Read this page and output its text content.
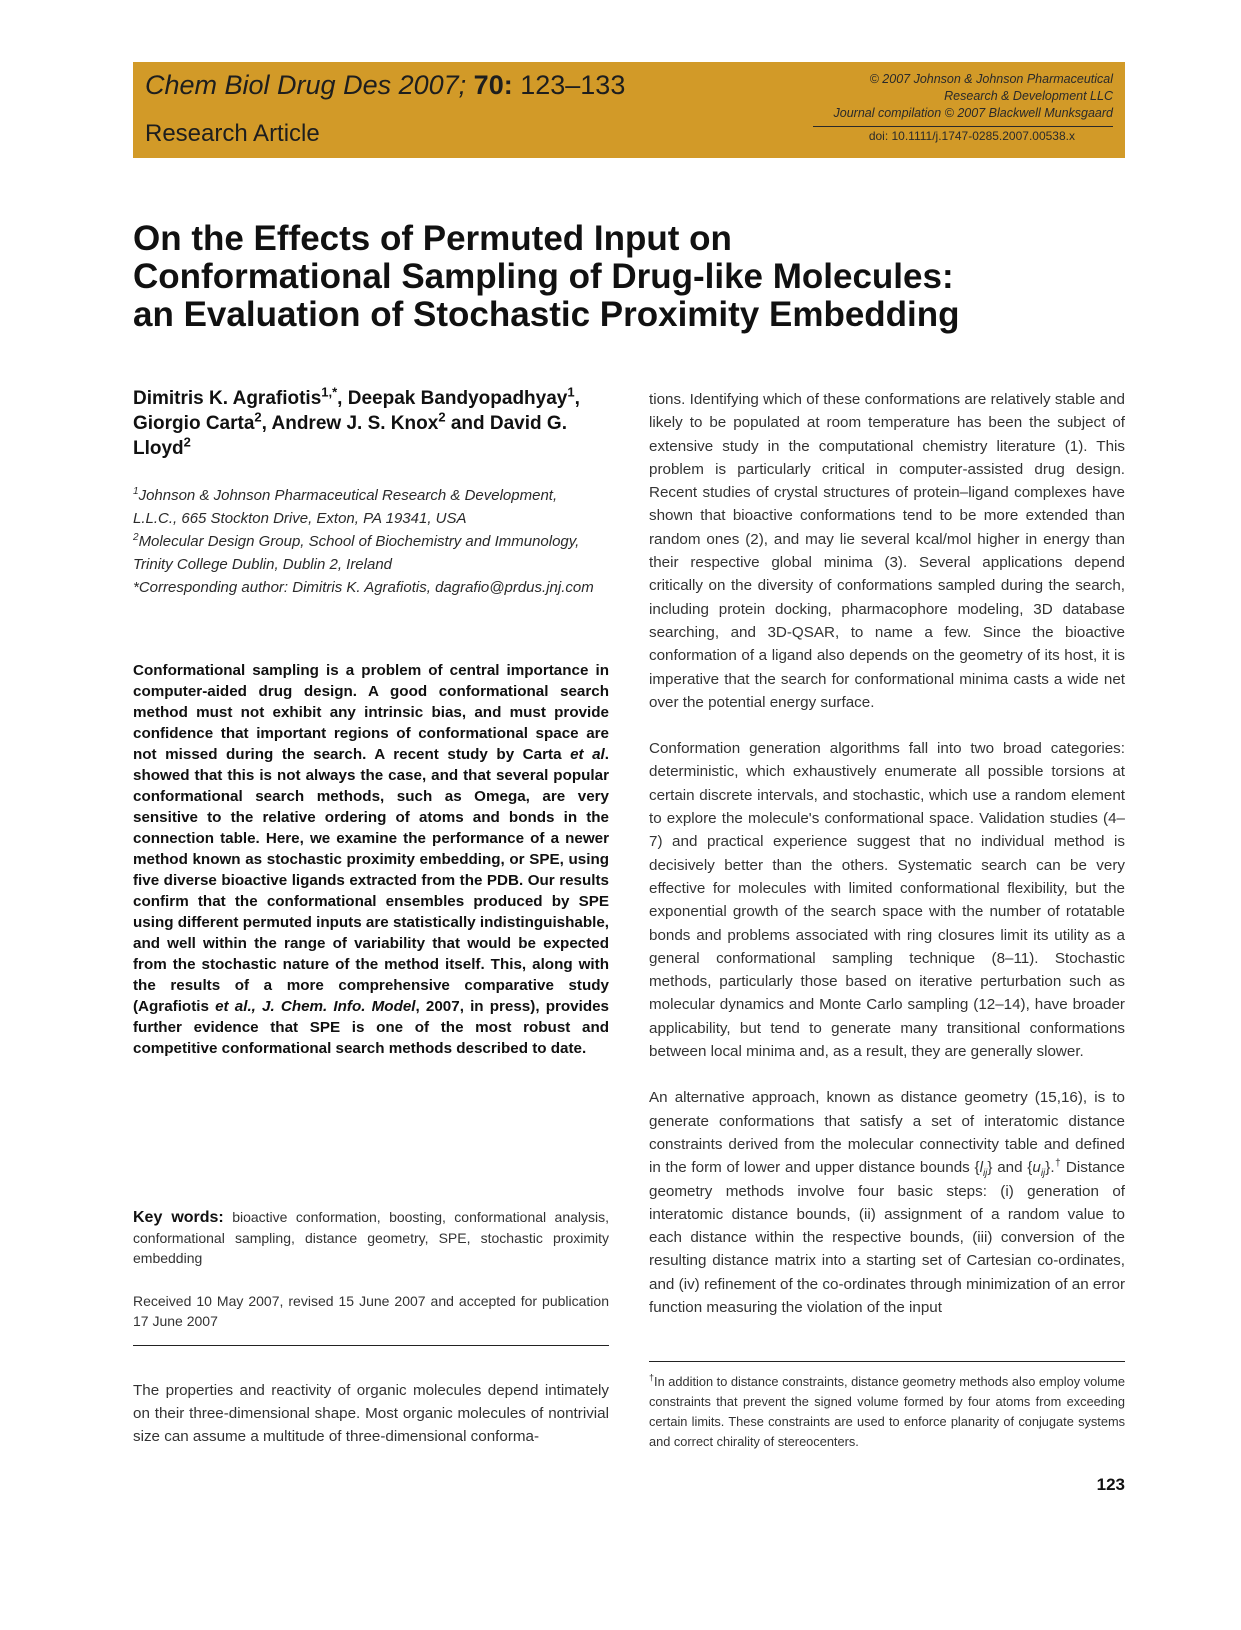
Chem Biol Drug Des 2007; 70: 123–133
Research Article
© 2007 Johnson & Johnson Pharmaceutical
Research & Development LLC
Journal compilation © 2007 Blackwell Munksgaard
doi: 10.1111/j.1747-0285.2007.00538.x
On the Effects of Permuted Input on
Conformational Sampling of Drug-like Molecules:
an Evaluation of Stochastic Proximity Embedding
Dimitris K. Agrafiotis$^{1,*}$, Deepak Bandyopadhyay$^1$, Giorgio Carta$^2$, Andrew J. S. Knox$^2$ and David G. Lloyd$^2$

$^1$Johnson & Johnson Pharmaceutical Research & Development, L.L.C., 665 Stockton Drive, Exton, PA 19341, USA

$^2$Molecular Design Group, School of Biochemistry and Immunology, Trinity College Dublin, Dublin 2, Ireland

*Corresponding author: Dimitris K. Agrafiotis, dagrafio@prdus.jnj.com

Conformational sampling is a problem of central importance in computer-aided drug design. A good conformational search method must not exhibit any intrinsic bias, and must provide confidence that important regions of conformational space are not missed during the search. A recent study by Carta et al. showed that this is not always the case, and that several popular conformational search methods, such as Omega, are very sensitive to the relative ordering of atoms and bonds in the connection table. Here, we examine the performance of a newer method known as stochastic proximity embedding, or SPE, using five diverse bioactive ligands extracted from the PDB. Our results confirm that the conformational ensembles produced by SPE using different permuted inputs are statistically indistinguishable, and well within the range of variability that would be expected from the stochastic nature of the method itself. This, along with the results of a more comprehensive comparative study (Agrafiotis et al., J. Chem. Info. Model, 2007, in press), provides further evidence that SPE is one of the most robust and competitive conformational search methods described to date.
Key words: bioactive conformation, boosting, conformational analysis, conformational sampling, distance geometry, SPE, stochastic proximity embedding
Received 10 May 2007, revised 15 June 2007 and accepted for publication 17 June 2007
The properties and reactivity of organic molecules depend intimately on their three-dimensional shape. Most organic molecules of nontrivial size can assume a multitude of three-dimensional conforma-

tions. Identifying which of these conformations are relatively stable and likely to be populated at room temperature has been the subject of extensive study in the computational chemistry literature (1). This problem is particularly critical in computer-assisted drug design. Recent studies of crystal structures of protein–ligand complexes have shown that bioactive conformations tend to be more extended than random ones (2), and may lie several kcal/mol higher in energy than their respective global minima (3). Several applications depend critically on the diversity of conformations sampled during the search, including protein docking, pharmacophore modeling, 3D database searching, and 3D-QSAR, to name a few. Since the bioactive conformation of a ligand also depends on the geometry of its host, it is imperative that the search for conformational minima casts a wide net over the potential energy surface.

Conformation generation algorithms fall into two broad categories: deterministic, which exhaustively enumerate all possible torsions at certain discrete intervals, and stochastic, which use a random element to explore the molecule's conformational space. Validation studies (4–7) and practical experience suggest that no individual method is decisively better than the others. Systematic search can be very effective for molecules with limited conformational flexibility, but the exponential growth of the search space with the number of rotatable bonds and problems associated with ring closures limit its utility as a general conformational sampling technique (8–11). Stochastic methods, particularly those based on iterative perturbation such as molecular dynamics and Monte Carlo sampling (12–14), have broader applicability, but tend to generate many transitional conformations between local minima and, as a result, they are generally slower.

An alternative approach, known as distance geometry (15,16), is to generate conformations that satisfy a set of interatomic distance constraints derived from the molecular connectivity table and defined in the form of lower and upper distance bounds $\{l_{ij}\}$ and $\{u_{ij}\}.^\dagger$ Distance geometry methods involve four basic steps: (i) generation of interatomic distance bounds, (ii) assignment of a random value to each distance within the respective bounds, (iii) conversion of the resulting distance matrix into a starting set of Cartesian co-ordinates, and (iv) refinement of the co-ordinates through minimization of an error function measuring the violation of the input

†In addition to distance constraints, distance geometry methods also employ volume constraints that prevent the signed volume formed by four atoms from exceeding certain limits. These constraints are used to enforce planarity of conjugate systems and correct chirality of stereocenters.
123
